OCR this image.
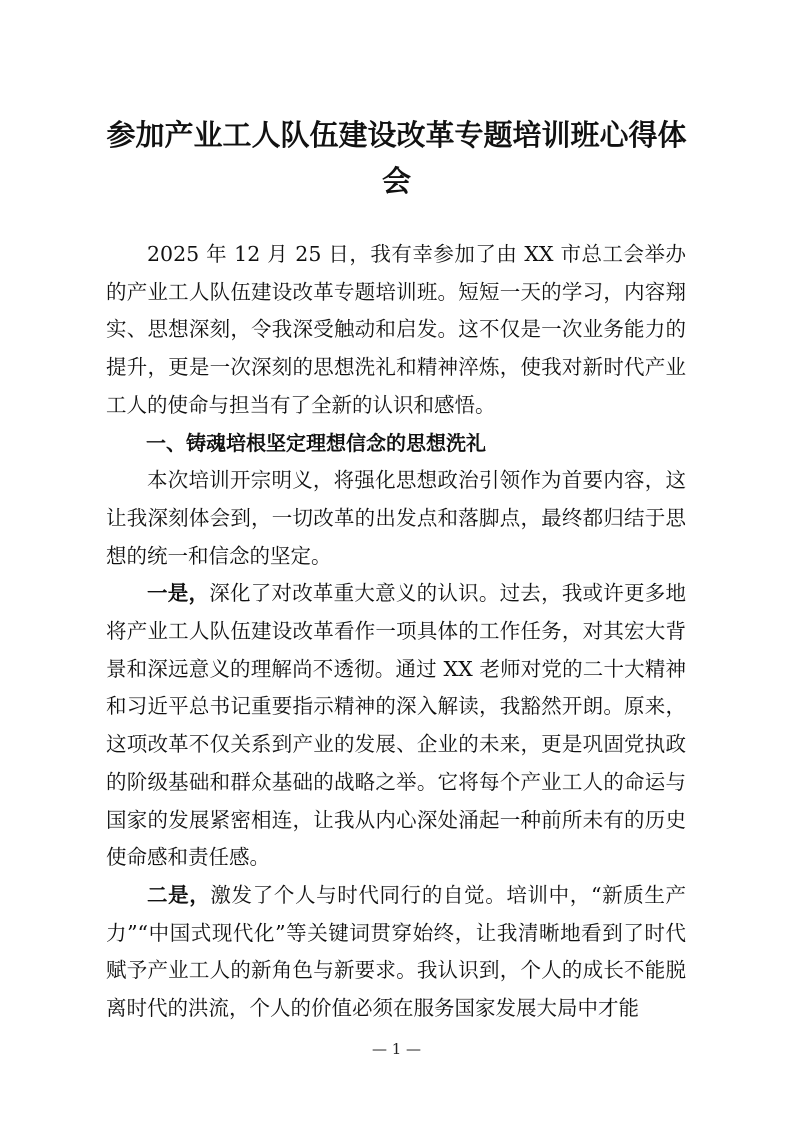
参加产业工人队伍建设改革专题培训班心得体会

2025 年 12 月 25 日，我有幸参加了由 XX 市总工会举办的产业工人队伍建设改革专题培训班。短短一天的学习，内容翔实、思想深刻，令我深受触动和启发。这不仅是一次业务能力的提升，更是一次深刻的思想洗礼和精神淬炼，使我对新时代产业工人的使命与担当有了全新的认识和感悟。

一、铸魂培根坚定理想信念的思想洗礼

本次培训开宗明义，将强化思想政治引领作为首要内容，这让我深刻体会到，一切改革的出发点和落脚点，最终都归结于思想的统一和信念的坚定。

一是，深化了对改革重大意义的认识。过去，我或许更多地将产业工人队伍建设改革看作一项具体的工作任务，对其宏大背景和深远意义的理解尚不透彻。通过 XX 老师对党的二十大精神和习近平总书记重要指示精神的深入解读，我豁然开朗。原来，这项改革不仅关系到产业的发展、企业的未来，更是巩固党执政的阶级基础和群众基础的战略之举。它将每个产业工人的命运与国家的发展紧密相连，让我从内心深处涌起一种前所未有的历史使命感和责任感。

二是，激发了个人与时代同行的自觉。培训中，“新质生产力”“中国式现代化”等关键词贯穿始终，让我清晰地看到了时代赋予产业工人的新角色与新要求。我认识到，个人的成长不能脱离时代的洪流，个人的价值必须在服务国家发展大局中才能

— 1 —
